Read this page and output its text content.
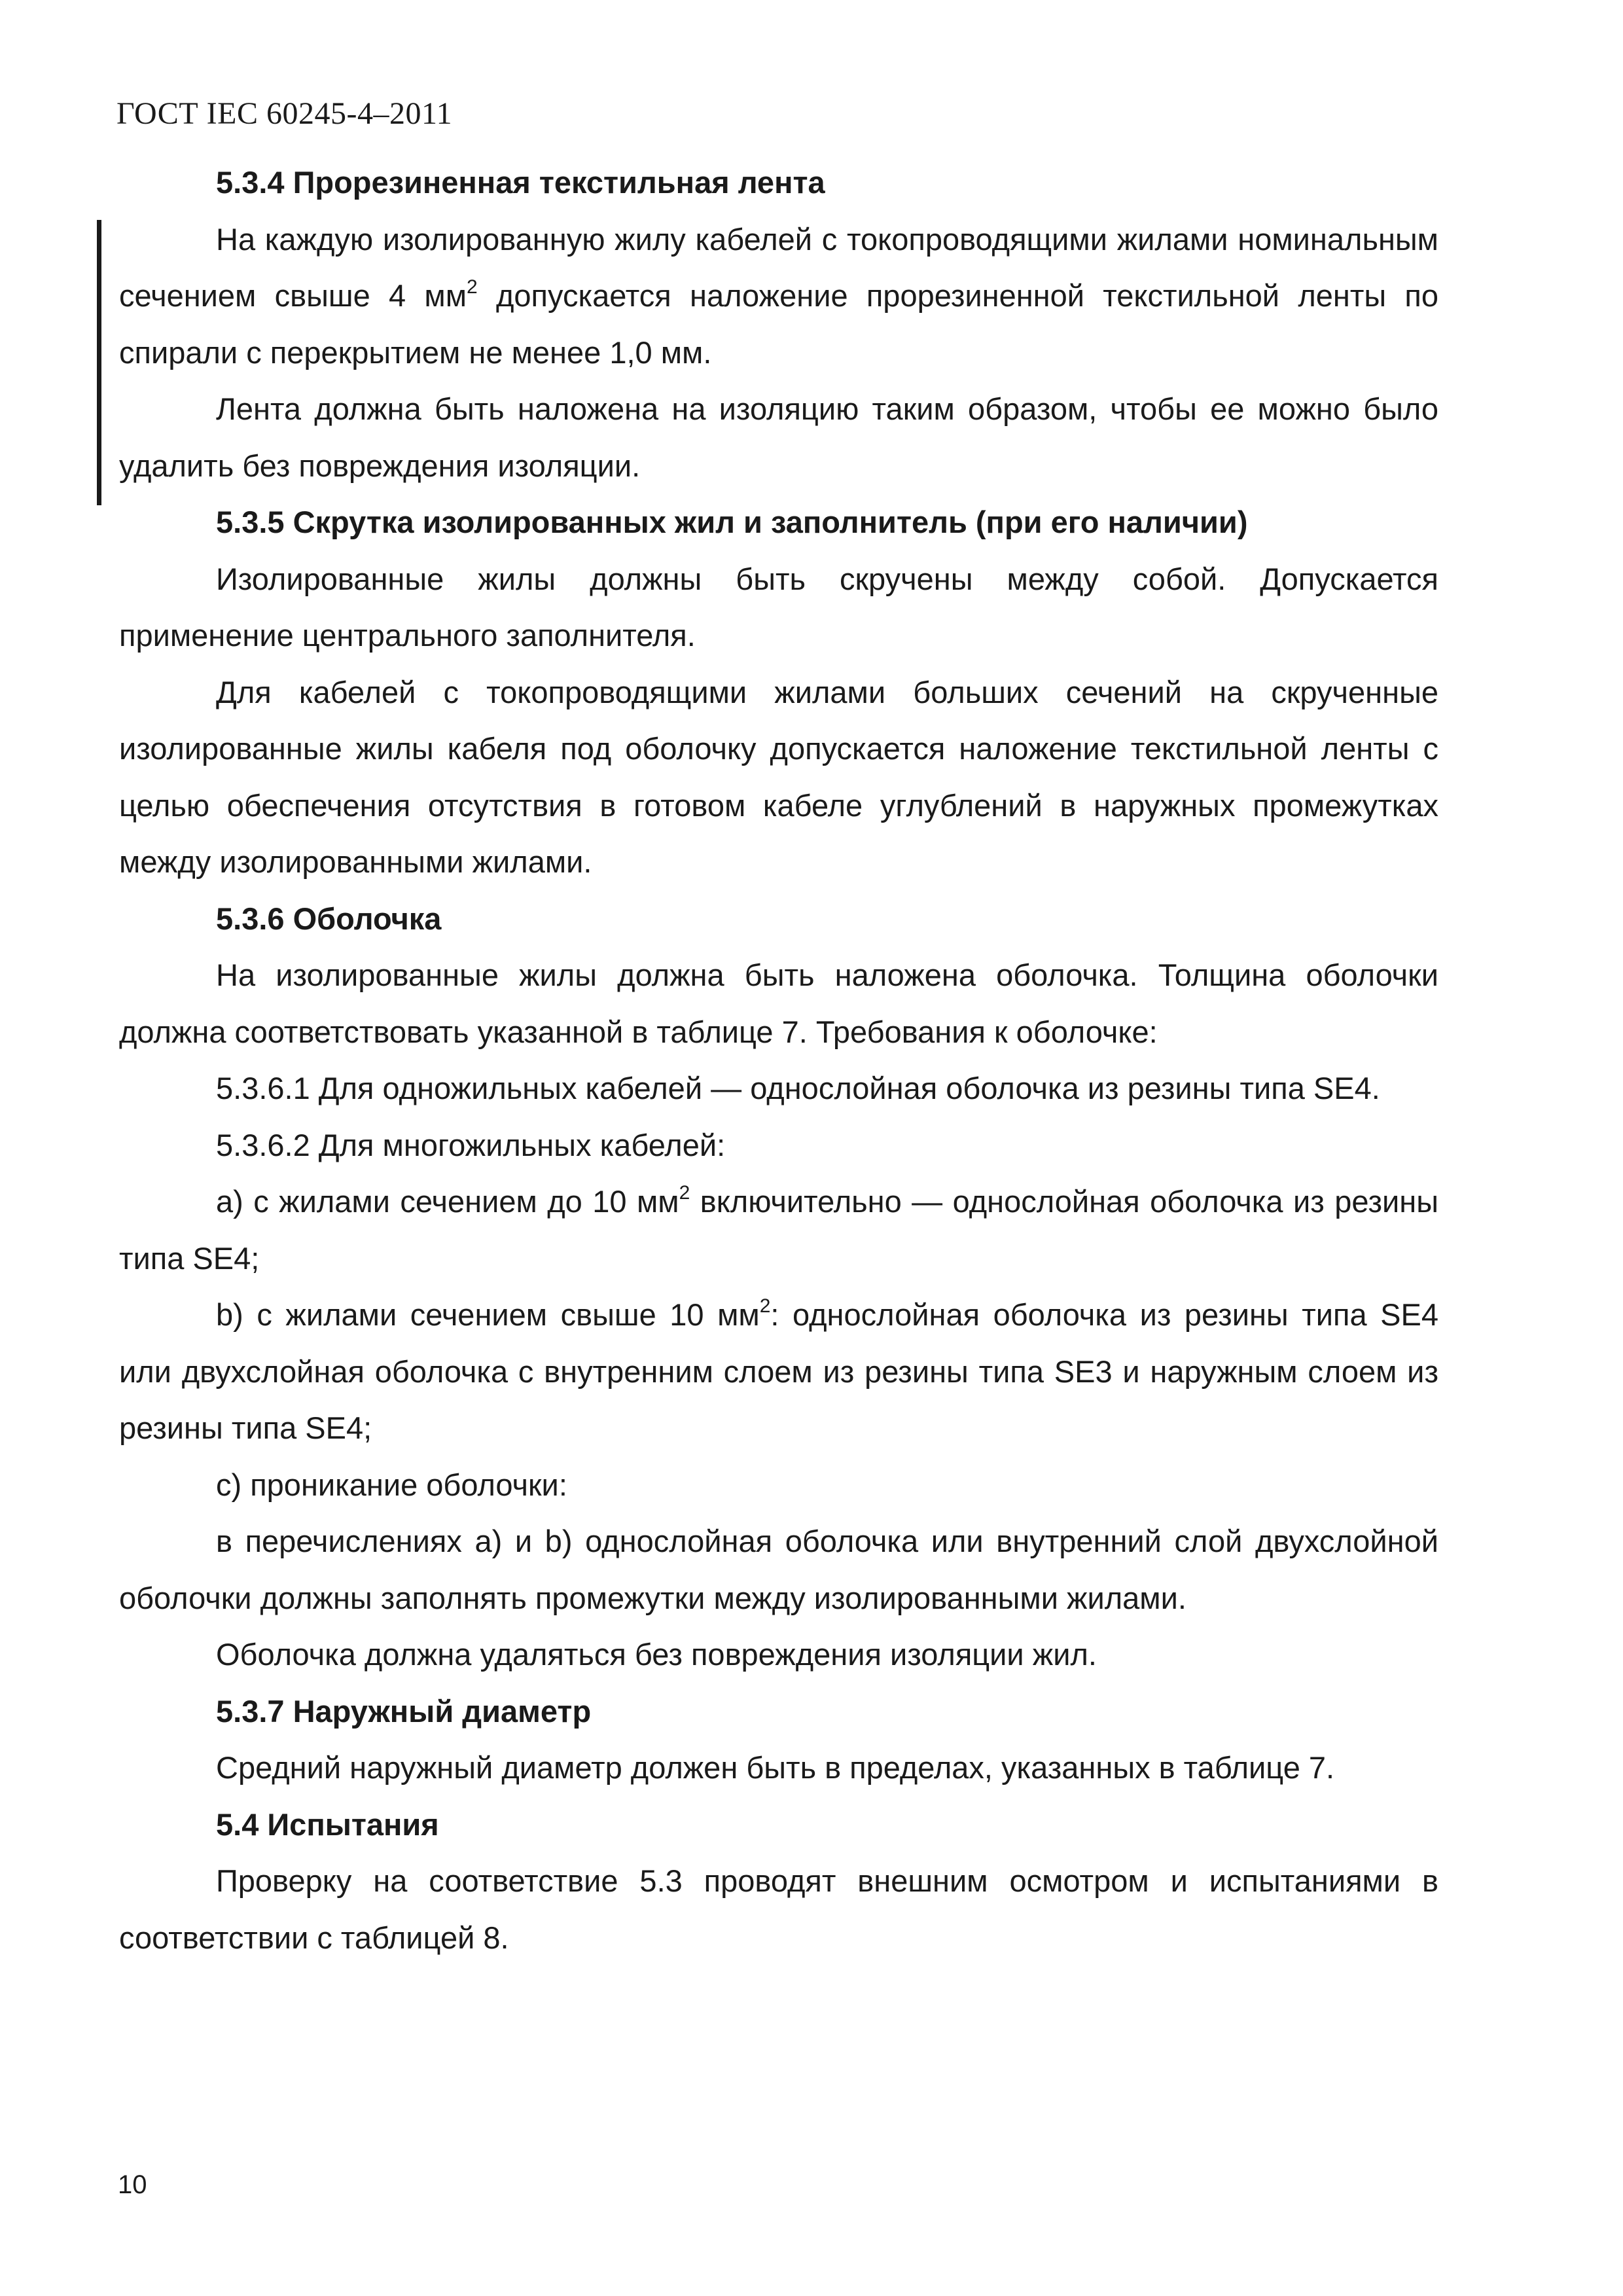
ГОСТ IEC 60245-4–2011

5.3.4 Прорезиненная текстильная лента

На каждую изолированную жилу кабелей с токопроводящими жилами номинальным сечением свыше 4 $мм^2$ допускается наложение прорезиненной текстильной ленты по спирали с перекрытием не менее 1,0 мм.

Лента должна быть наложена на изоляцию таким образом, чтобы ее можно было удалить без повреждения изоляции.

5.3.5 Скрутка изолированных жил и заполнитель (при его наличии)

Изолированные жилы должны быть скручены между собой. Допускается применение центрального заполнителя.

Для кабелей с токопроводящими жилами больших сечений на скрученные изолированные жилы кабеля под оболочку допускается наложение текстильной ленты с целью обеспечения отсутствия в готовом кабеле углублений в наружных промежутках между изолированными жилами.

5.3.6 Оболочка

На изолированные жилы должна быть наложена оболочка. Толщина оболочки должна соответствовать указанной в таблице 7. Требования к оболочке:

5.3.6.1 Для одножильных кабелей — однослойная оболочка из резины типа SE4.

5.3.6.2 Для многожильных кабелей:

a) с жилами сечением до 10 $мм^2$ включительно — однослойная оболочка из резины типа SE4;

b) с жилами сечением свыше 10 $мм^2$: однослойная оболочка из резины типа SE4 или двухслойная оболочка с внутренним слоем из резины типа SE3 и наружным слоем из резины типа SE4;

c) проникание оболочки:

в перечислениях a) и b) однослойная оболочка или внутренний слой двухслойной оболочки должны заполнять промежутки между изолированными жилами.

Оболочка должна удаляться без повреждения изоляции жил.

5.3.7 Наружный диаметр

Средний наружный диаметр должен быть в пределах, указанных в таблице 7.

5.4 Испытания

Проверку на соответствие 5.3 проводят внешним осмотром и испытаниями в соответствии с таблицей 8.

10
